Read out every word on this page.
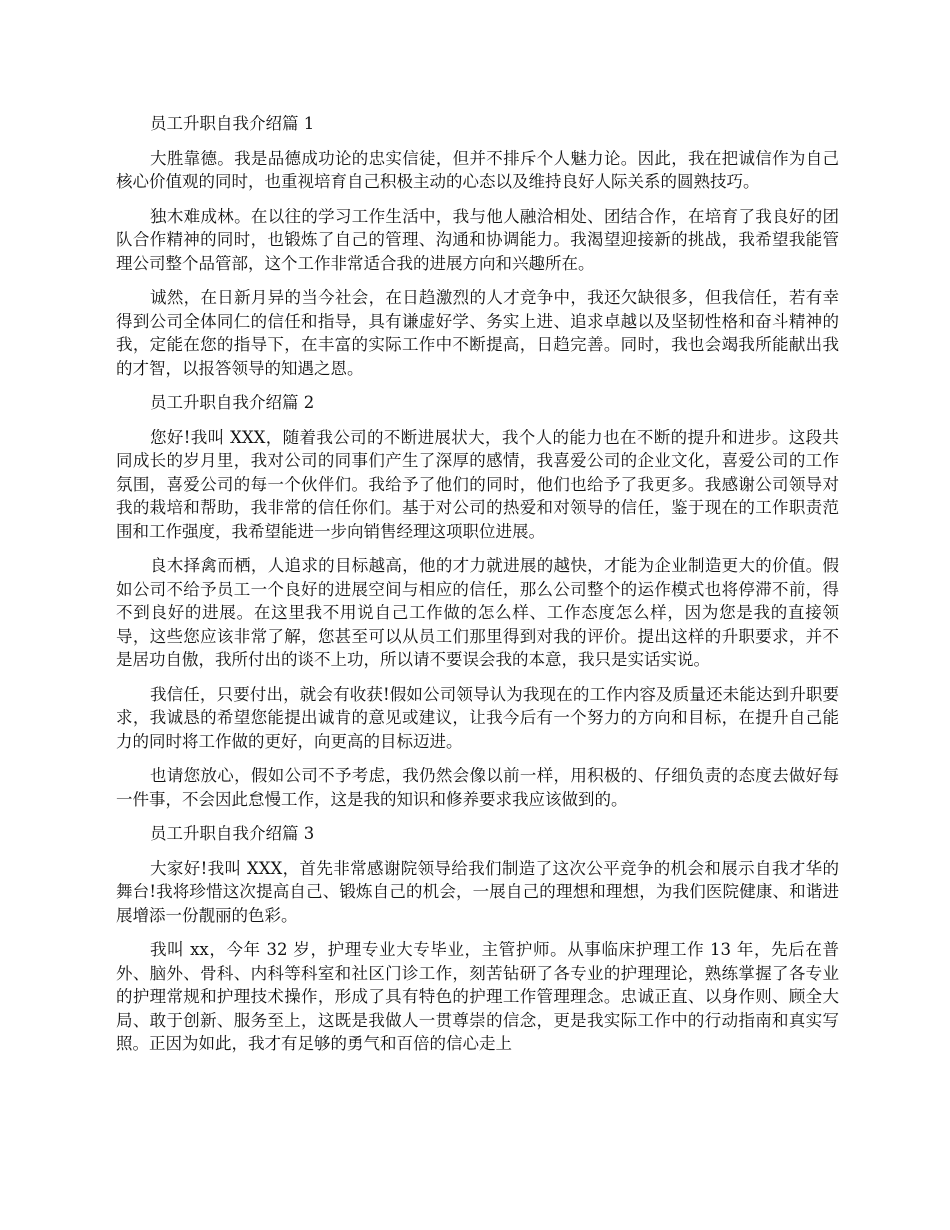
员工升职自我介绍篇 1

大胜靠德。我是品德成功论的忠实信徒，但并不排斥个人魅力论。因此，我在把诚信作为自己核心价值观的同时，也重视培育自己积极主动的心态以及维持良好人际关系的圆熟技巧。

独木难成林。在以往的学习工作生活中，我与他人融洽相处、团结合作，在培育了我良好的团队合作精神的同时，也锻炼了自己的管理、沟通和协调能力。我渴望迎接新的挑战，我希望我能管理公司整个品管部，这个工作非常适合我的进展方向和兴趣所在。

诚然，在日新月异的当今社会，在日趋激烈的人才竞争中，我还欠缺很多，但我信任，若有幸得到公司全体同仁的信任和指导，具有谦虚好学、务实上进、追求卓越以及坚韧性格和奋斗精神的我，定能在您的指导下，在丰富的实际工作中不断提高，日趋完善。同时，我也会竭我所能献出我的才智，以报答领导的知遇之恩。

员工升职自我介绍篇 2

您好!我叫 XXX，随着我公司的不断进展状大，我个人的能力也在不断的提升和进步。这段共同成长的岁月里，我对公司的同事们产生了深厚的感情，我喜爱公司的企业文化，喜爱公司的工作氛围，喜爱公司的每一个伙伴们。我给予了他们的同时，他们也给予了我更多。我感谢公司领导对我的栽培和帮助，我非常的信任你们。基于对公司的热爱和对领导的信任，鉴于现在的工作职责范围和工作强度，我希望能进一步向销售经理这项职位进展。

良木择禽而栖，人追求的目标越高，他的才力就进展的越快，才能为企业制造更大的价值。假如公司不给予员工一个良好的进展空间与相应的信任，那么公司整个的运作模式也将停滞不前，得不到良好的进展。在这里我不用说自己工作做的怎么样、工作态度怎么样，因为您是我的直接领导，这些您应该非常了解，您甚至可以从员工们那里得到对我的评价。提出这样的升职要求，并不是居功自傲，我所付出的谈不上功，所以请不要误会我的本意，我只是实话实说。

我信任，只要付出，就会有收获!假如公司领导认为我现在的工作内容及质量还未能达到升职要求，我诚恳的希望您能提出诚肯的意见或建议，让我今后有一个努力的方向和目标，在提升自己能力的同时将工作做的更好，向更高的目标迈进。

也请您放心，假如公司不予考虑，我仍然会像以前一样，用积极的、仔细负责的态度去做好每一件事，不会因此怠慢工作，这是我的知识和修养要求我应该做到的。

员工升职自我介绍篇 3

大家好!我叫 XXX，首先非常感谢院领导给我们制造了这次公平竞争的机会和展示自我才华的舞台!我将珍惜这次提高自己、锻炼自己的机会，一展自己的理想和理想，为我们医院健康、和谐进展增添一份靓丽的色彩。

我叫 xx，今年 32 岁，护理专业大专毕业，主管护师。从事临床护理工作 13 年，先后在普外、脑外、骨科、内科等科室和社区门诊工作，刻苦钻研了各专业的护理理论，熟练掌握了各专业的护理常规和护理技术操作，形成了具有特色的护理工作管理理念。忠诚正直、以身作则、顾全大局、敢于创新、服务至上，这既是我做人一贯尊崇的信念，更是我实际工作中的行动指南和真实写照。正因为如此，我才有足够的勇气和百倍的信心走上
